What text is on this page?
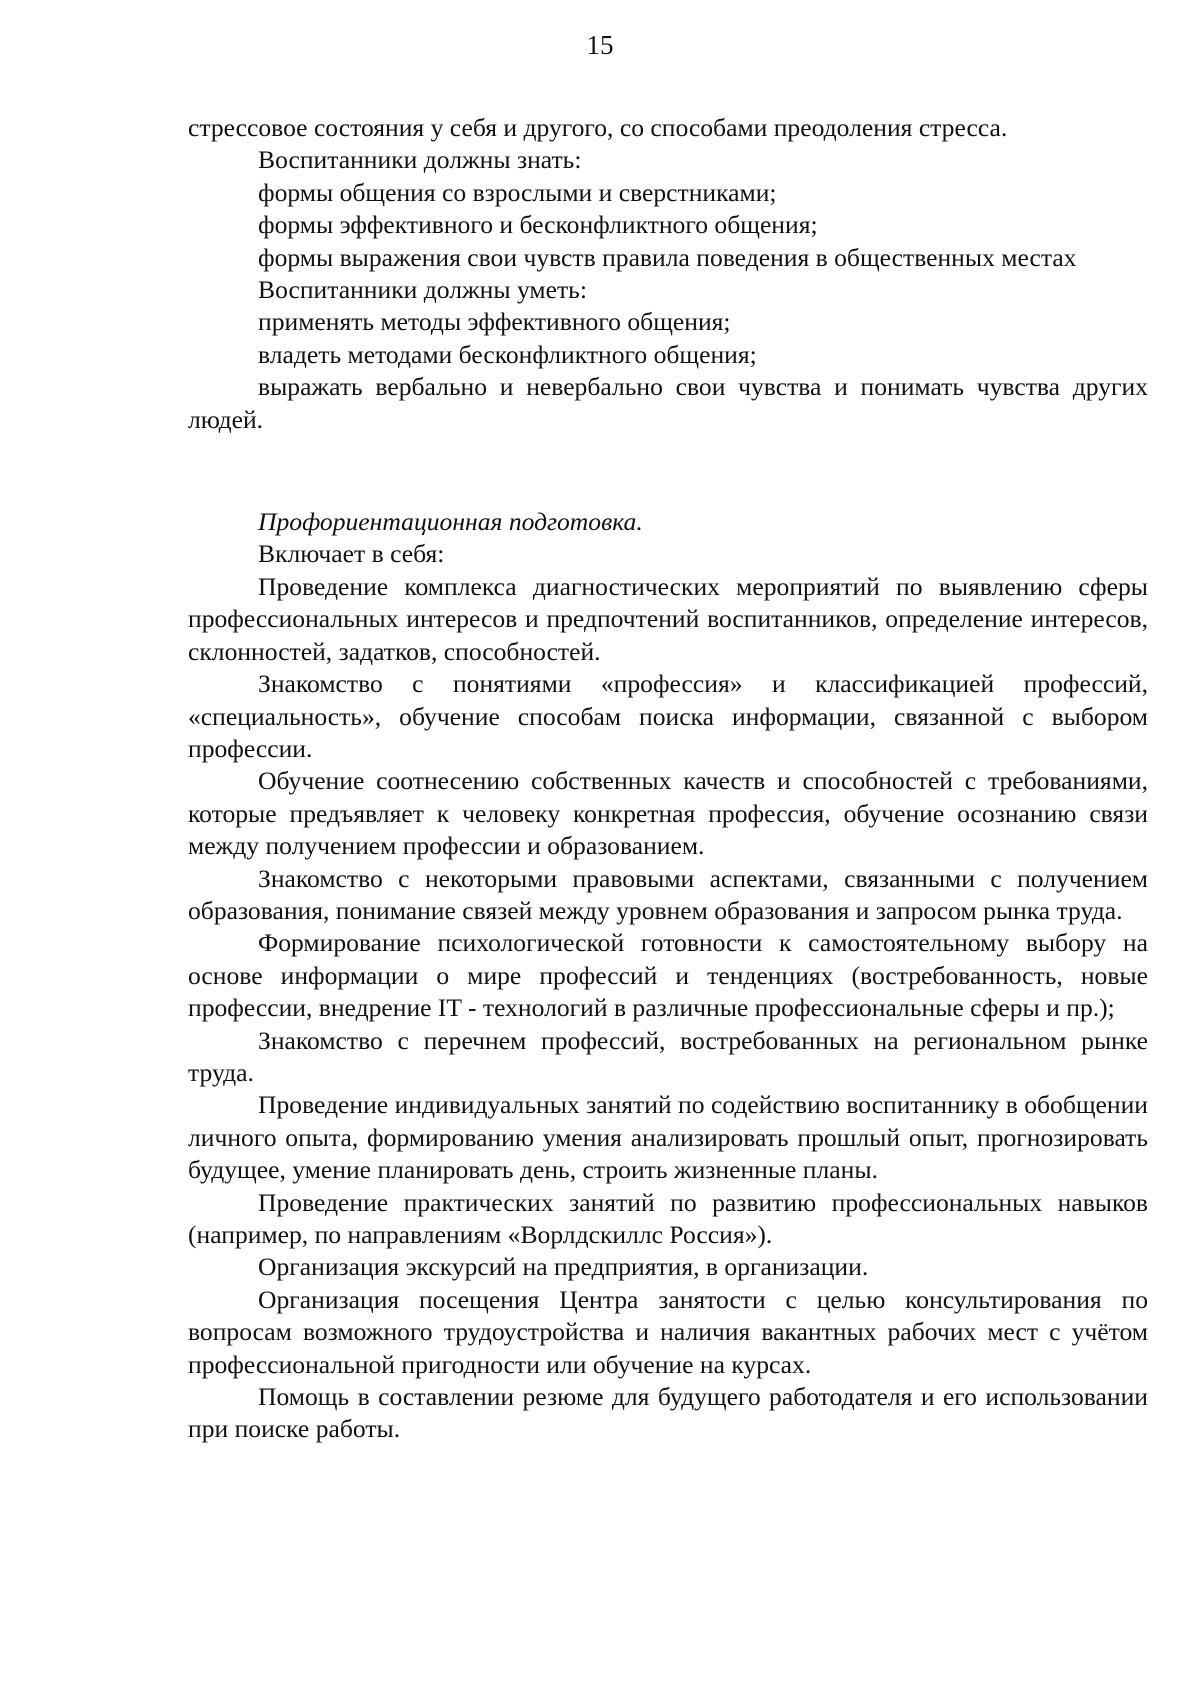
15

стрессовое состояния у себя и другого, со способами преодоления стресса.

Воспитанники должны знать:

формы общения со взрослыми и сверстниками;

формы эффективного и бесконфликтного общения;

формы выражения свои чувств правила поведения в общественных местах

Воспитанники должны уметь:

применять методы эффективного общения;

владеть методами бесконфликтного общения;

выражать вербально и невербально свои чувства и понимать чувства других людей.

Профориентационная подготовка.

Включает в себя:

Проведение комплекса диагностических мероприятий по выявлению сферы профессиональных интересов и предпочтений воспитанников, определение интересов, склонностей, задатков, способностей.

Знакомство с понятиями «профессия» и классификацией профессий, «специальность», обучение способам поиска информации, связанной с выбором профессии.

Обучение соотнесению собственных качеств и способностей с требованиями, которые предъявляет к человеку конкретная профессия, обучение осознанию связи между получением профессии и образованием.

Знакомство с некоторыми правовыми аспектами, связанными с получением образования, понимание связей между уровнем образования и запросом рынка труда.

Формирование психологической готовности к самостоятельному выбору на основе информации о мире профессий и тенденциях (востребованность, новые профессии, внедрение IT - технологий в различные профессиональные сферы и пр.);

Знакомство с перечнем профессий, востребованных на региональном рынке труда.

Проведение индивидуальных занятий по содействию воспитаннику в обобщении личного опыта, формированию умения анализировать прошлый опыт, прогнозировать будущее, умение планировать день, строить жизненные планы.

Проведение практических занятий по развитию профессиональных навыков (например, по направлениям «Ворлдскиллс Россия»).

Организация экскурсий на предприятия, в организации.

Организация посещения Центра занятости с целью консультирования по вопросам возможного трудоустройства и наличия вакантных рабочих мест с учётом профессиональной пригодности или обучение на курсах.

Помощь в составлении резюме для будущего работодателя и его использовании при поиске работы.
